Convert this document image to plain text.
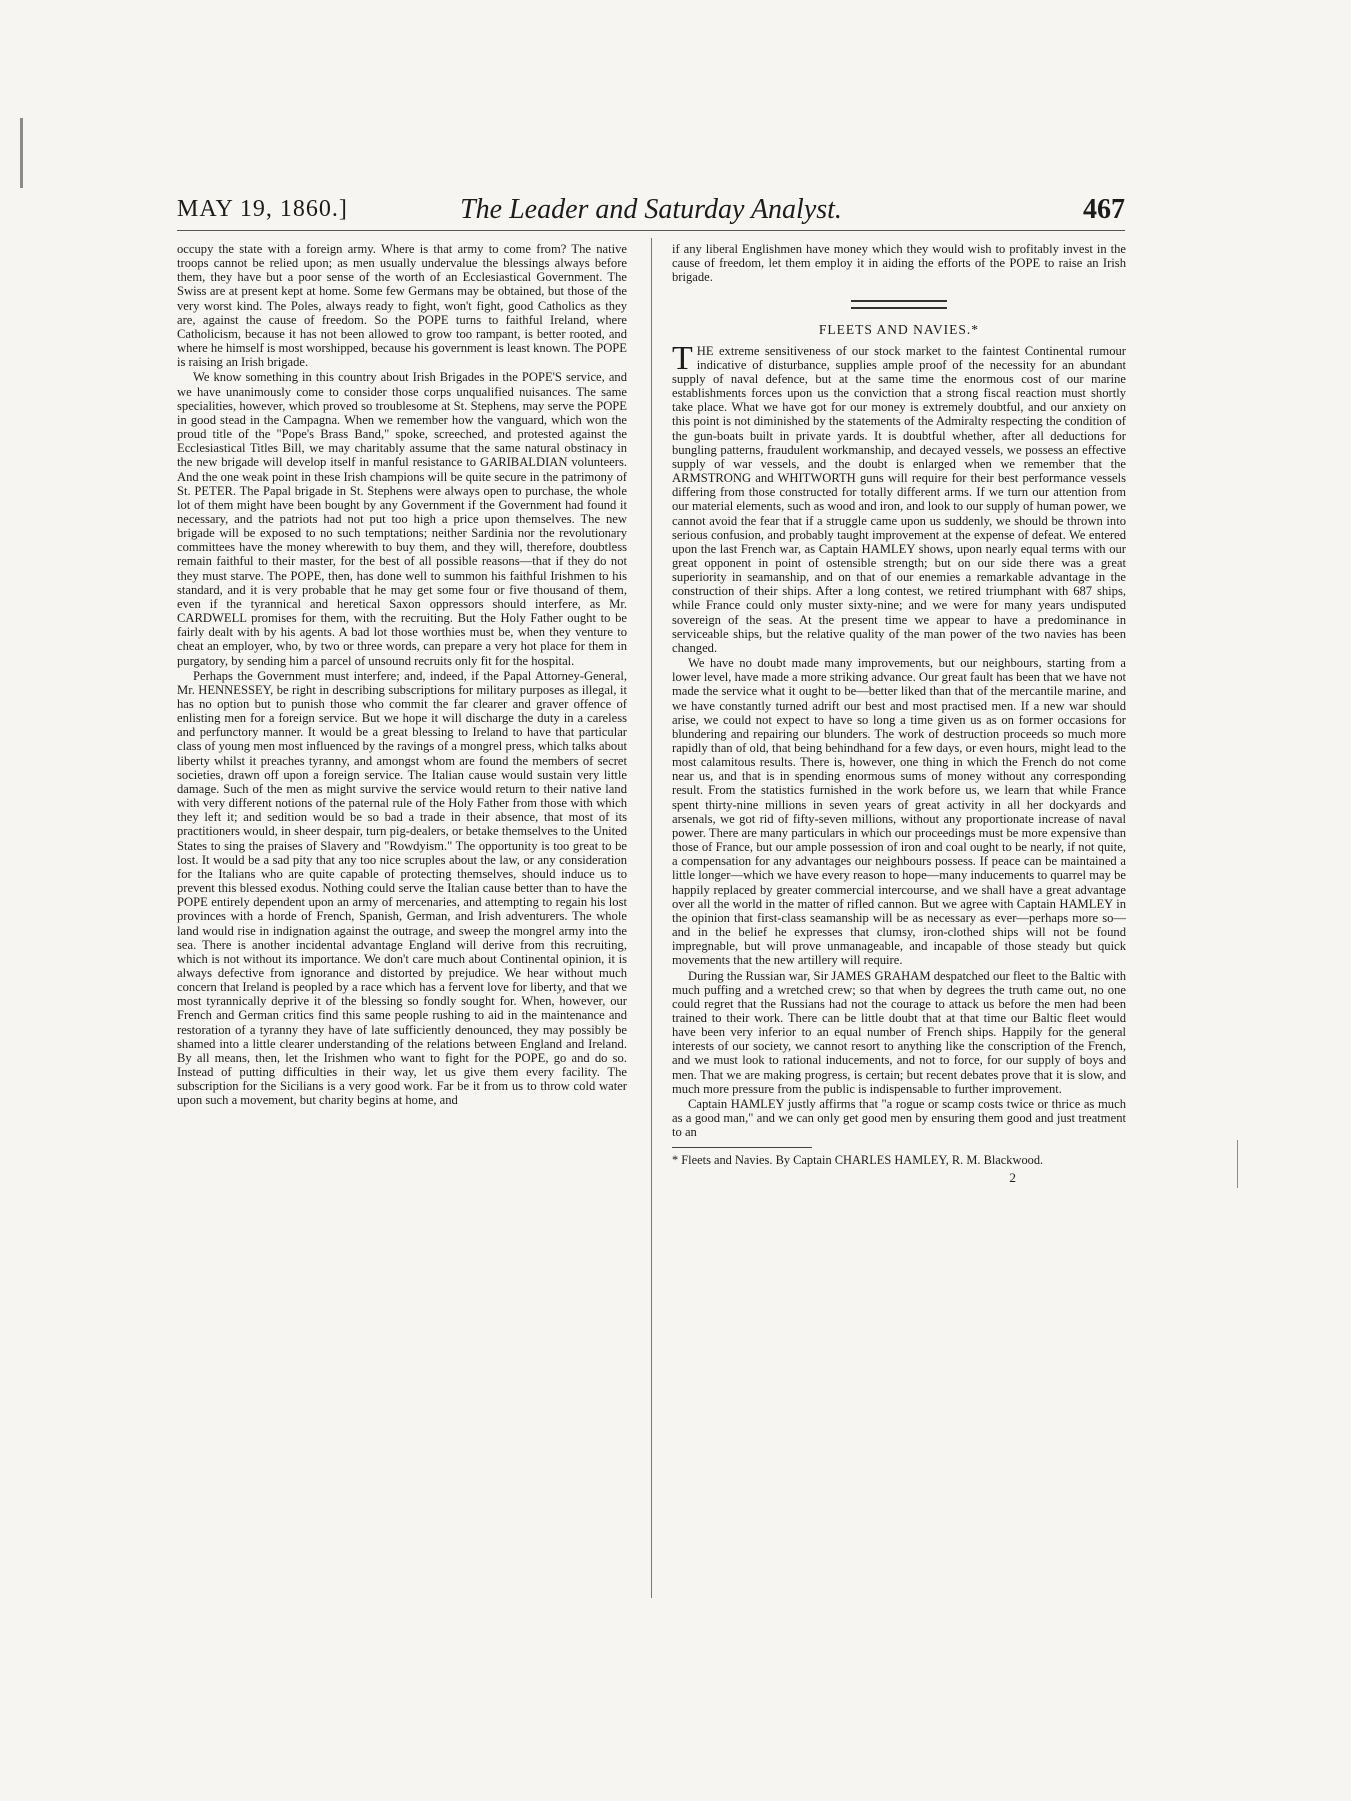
MAY 19, 1860.]	The Leader and Saturday Analyst.	467

occupy the state with a foreign army. Where is that army to come from? The native troops cannot be relied upon; as men usually undervalue the blessings always before them, they have but a poor sense of the worth of an Ecclesiastical Government. The Swiss are at present kept at home. Some few Germans may be obtained, but those of the very worst kind. The Poles, always ready to fight, won't fight, good Catholics as they are, against the cause of freedom. So the POPE turns to faithful Ireland, where Catholicism, because it has not been allowed to grow too rampant, is better rooted, and where he himself is most worshipped, because his government is least known. The POPE is raising an Irish brigade.

We know something in this country about Irish Brigades in the POPE'S service, and we have unanimously come to consider those corps unqualified nuisances. The same specialities, however, which proved so troublesome at St. Stephens, may serve the POPE in good stead in the Campagna. When we remember how the vanguard, which won the proud title of the "Pope's Brass Band," spoke, screeched, and protested against the Ecclesiastical Titles Bill, we may charitably assume that the same natural obstinacy in the new brigade will develop itself in manful resistance to GARIBALDIAN volunteers. And the one weak point in these Irish champions will be quite secure in the patrimony of St. PETER. The Papal brigade in St. Stephens were always open to purchase, the whole lot of them might have been bought by any Government if the Government had found it necessary, and the patriots had not put too high a price upon themselves. The new brigade will be exposed to no such temptations; neither Sardinia nor the revolutionary committees have the money wherewith to buy them, and they will, therefore, doubtless remain faithful to their master, for the best of all possible reasons—that if they do not they must starve. The POPE, then, has done well to summon his faithful Irishmen to his standard, and it is very probable that he may get some four or five thousand of them, even if the tyrannical and heretical Saxon oppressors should interfere, as Mr. CARDWELL promises for them, with the recruiting. But the Holy Father ought to be fairly dealt with by his agents. A bad lot those worthies must be, when they venture to cheat an employer, who, by two or three words, can prepare a very hot place for them in purgatory, by sending him a parcel of unsound recruits only fit for the hospital.

Perhaps the Government must interfere; and, indeed, if the Papal Attorney-General, Mr. HENNESSEY, be right in describing subscriptions for military purposes as illegal, it has no option but to punish those who commit the far clearer and graver offence of enlisting men for a foreign service. But we hope it will discharge the duty in a careless and perfunctory manner. It would be a great blessing to Ireland to have that particular class of young men most influenced by the ravings of a mongrel press, which talks about liberty whilst it preaches tyranny, and amongst whom are found the members of secret societies, drawn off upon a foreign service. The Italian cause would sustain very little damage. Such of the men as might survive the service would return to their native land with very different notions of the paternal rule of the Holy Father from those with which they left it; and sedition would be so bad a trade in their absence, that most of its practitioners would, in sheer despair, turn pig-dealers, or betake themselves to the United States to sing the praises of Slavery and "Rowdyism." The opportunity is too great to be lost. It would be a sad pity that any too nice scruples about the law, or any consideration for the Italians who are quite capable of protecting themselves, should induce us to prevent this blessed exodus. Nothing could serve the Italian cause better than to have the POPE entirely dependent upon an army of mercenaries, and attempting to regain his lost provinces with a horde of French, Spanish, German, and Irish adventurers. The whole land would rise in indignation against the outrage, and sweep the mongrel army into the sea. There is another incidental advantage England will derive from this recruiting, which is not without its importance. We don't care much about Continental opinion, it is always defective from ignorance and distorted by prejudice. We hear without much concern that Ireland is peopled by a race which has a fervent love for liberty, and that we most tyrannically deprive it of the blessing so fondly sought for. When, however, our French and German critics find this same people rushing to aid in the maintenance and restoration of a tyranny they have of late sufficiently denounced, they may possibly be shamed into a little clearer understanding of the relations between England and Ireland. By all means, then, let the Irishmen who want to fight for the POPE, go and do so. Instead of putting difficulties in their way, let us give them every facility. The subscription for the Sicilians is a very good work. Far be it from us to throw cold water upon such a movement, but charity begins at home, and

if any liberal Englishmen have money which they would wish to profitably invest in the cause of freedom, let them employ it in aiding the efforts of the POPE to raise an Irish brigade.

FLEETS AND NAVIES.*

THE extreme sensitiveness of our stock market to the faintest Continental rumour indicative of disturbance, supplies ample proof of the necessity for an abundant supply of naval defence, but at the same time the enormous cost of our marine establishments forces upon us the conviction that a strong fiscal reaction must shortly take place. What we have got for our money is extremely doubtful, and our anxiety on this point is not diminished by the statements of the Admiralty respecting the condition of the gun-boats built in private yards. It is doubtful whether, after all deductions for bungling patterns, fraudulent workmanship, and decayed vessels, we possess an effective supply of war vessels, and the doubt is enlarged when we remember that the ARMSTRONG and WHITWORTH guns will require for their best performance vessels differing from those constructed for totally different arms. If we turn our attention from our material elements, such as wood and iron, and look to our supply of human power, we cannot avoid the fear that if a struggle came upon us suddenly, we should be thrown into serious confusion, and probably taught improvement at the expense of defeat. We entered upon the last French war, as Captain HAMLEY shows, upon nearly equal terms with our great opponent in point of ostensible strength; but on our side there was a great superiority in seamanship, and on that of our enemies a remarkable advantage in the construction of their ships. After a long contest, we retired triumphant with 687 ships, while France could only muster sixty-nine; and we were for many years undisputed sovereign of the seas. At the present time we appear to have a predominance in serviceable ships, but the relative quality of the man power of the two navies has been changed.

We have no doubt made many improvements, but our neighbours, starting from a lower level, have made a more striking advance. Our great fault has been that we have not made the service what it ought to be—better liked than that of the mercantile marine, and we have constantly turned adrift our best and most practised men. If a new war should arise, we could not expect to have so long a time given us as on former occasions for blundering and repairing our blunders. The work of destruction proceeds so much more rapidly than of old, that being behindhand for a few days, or even hours, might lead to the most calamitous results. There is, however, one thing in which the French do not come near us, and that is in spending enormous sums of money without any corresponding result. From the statistics furnished in the work before us, we learn that while France spent thirty-nine millions in seven years of great activity in all her dockyards and arsenals, we got rid of fifty-seven millions, without any proportionate increase of naval power. There are many particulars in which our proceedings must be more expensive than those of France, but our ample possession of iron and coal ought to be nearly, if not quite, a compensation for any advantages our neighbours possess. If peace can be maintained a little longer—which we have every reason to hope—many inducements to quarrel may be happily replaced by greater commercial intercourse, and we shall have a great advantage over all the world in the matter of rifled cannon. But we agree with Captain HAMLEY in the opinion that first-class seamanship will be as necessary as ever—perhaps more so—and in the belief he expresses that clumsy, iron-clothed ships will not be found impregnable, but will prove unmanageable, and incapable of those steady but quick movements that the new artillery will require.

During the Russian war, Sir JAMES GRAHAM despatched our fleet to the Baltic with much puffing and a wretched crew; so that when by degrees the truth came out, no one could regret that the Russians had not the courage to attack us before the men had been trained to their work. There can be little doubt that at that time our Baltic fleet would have been very inferior to an equal number of French ships. Happily for the general interests of our society, we cannot resort to anything like the conscription of the French, and we must look to rational inducements, and not to force, for our supply of boys and men. That we are making progress, is certain; but recent debates prove that it is slow, and much more pressure from the public is indispensable to further improvement.

Captain HAMLEY justly affirms that "a rogue or scamp costs twice or thrice as much as a good man," and we can only get good men by ensuring them good and just treatment to an

* Fleets and Navies. By Captain CHARLES HAMLEY, R. M. Blackwood.
2
